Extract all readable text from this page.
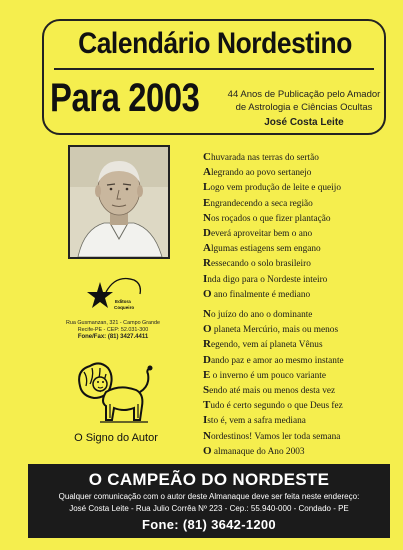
Calendário Nordestino
Para 2003	44 Anos de Publicação pelo Amador
de Astrologia e Ciências Ocultas
José Costa Leite
Editora
Coqueiro
Rua Gusmanzan, 321 - Campo Grande
Recife-PE - CEP: 52.031-300
Fone/Fax: (81) 3427.4411
O Signo do Autor
Chuvarada nas terras do sertão
Alegrando ao povo sertanejo
Logo vem produção de leite e queijo
Engrandecendo a seca região
Nos roçados o que fizer plantação
Deverá aproveitar bem o ano
Algumas estiagens sem engano
Ressecando o solo brasileiro
Inda digo para o Nordeste inteiro
O ano finalmente é mediano
No juízo do ano o dominante
O planeta Mercúrio, mais ou menos
Regendo, vem aí planeta Vênus
Dando paz e amor ao mesmo instante
E o inverno é um pouco variante
Sendo até mais ou menos desta vez
Tudo é certo segundo o que Deus fez
Isto é, vem a safra mediana
Nordestinos! Vamos ler toda semana
O almanaque do Ano 2003
O CAMPEÃO DO NORDESTE
Qualquer comunicação com o autor deste Almanaque deve ser feita neste endereço:
José Costa Leite - Rua Julio Corrêa Nº 223 - Cep.: 55.940-000 - Condado - PE
Fone: (81) 3642-1200
